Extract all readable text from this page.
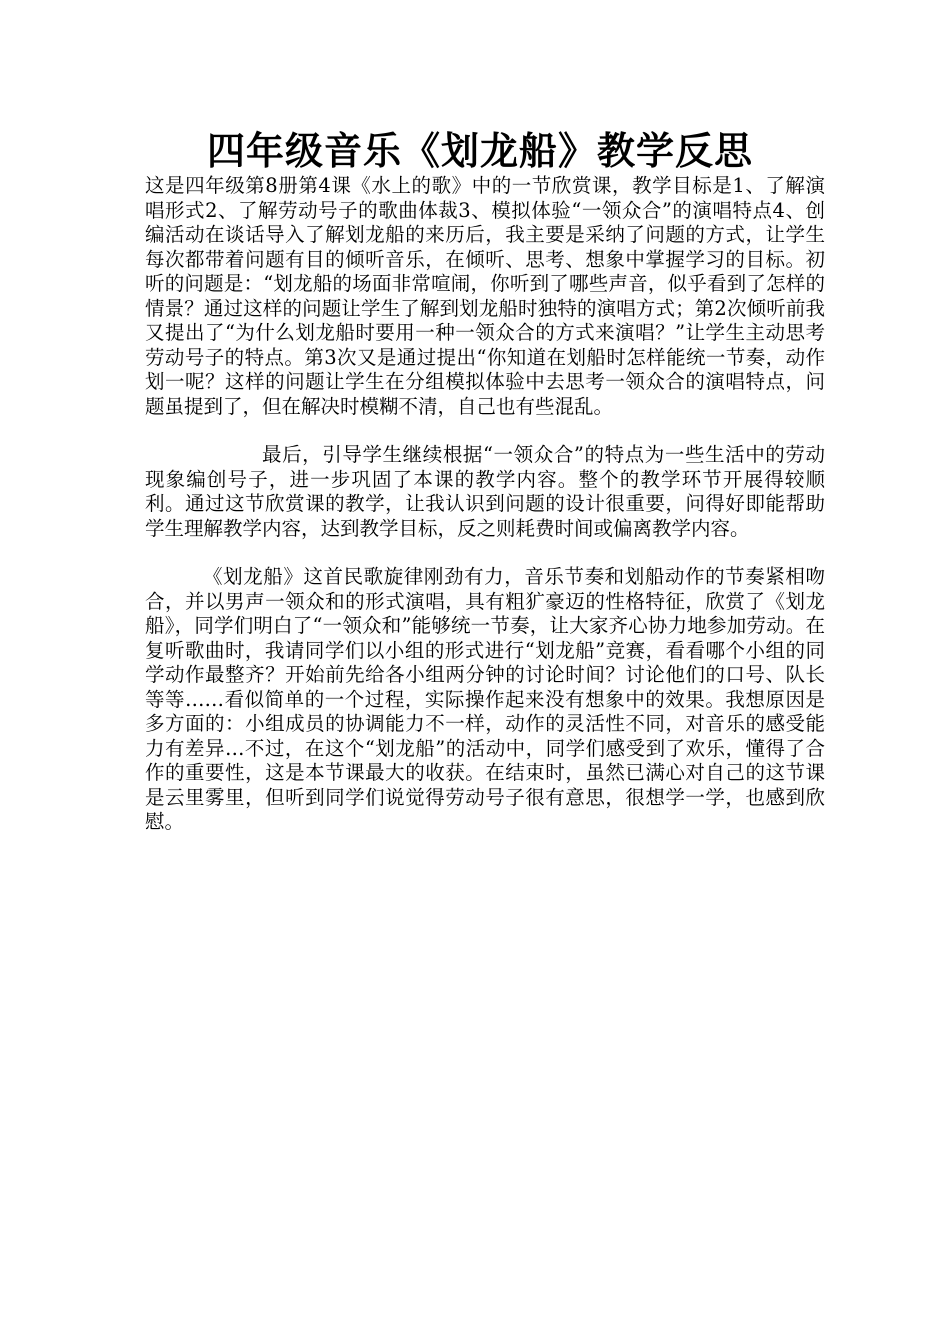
四年级音乐《划龙船》教学反思

这是四年级第8册第4课《水上的歌》中的一节欣赏课，教学目标是1、了解演唱形式2、了解劳动号子的歌曲体裁3、模拟体验“一领众合”的演唱特点4、创编活动在谈话导入了解划龙船的来历后，我主要是采纳了问题的方式，让学生每次都带着问题有目的倾听音乐，在倾听、思考、想象中掌握学习的目标。初听的问题是：“划龙船的场面非常喧闹，你听到了哪些声音，似乎看到了怎样的情景？通过这样的问题让学生了解到划龙船时独特的演唱方式；第2次倾听前我又提出了“为什么划龙船时要用一种一领众合的方式来演唱？”让学生主动思考劳动号子的特点。第3次又是通过提出“你知道在划船时怎样能统一节奏，动作划一呢？这样的问题让学生在分组模拟体验中去思考一领众合的演唱特点，问题虽提到了，但在解决时模糊不清，自己也有些混乱。

最后，引导学生继续根据“一领众合”的特点为一些生活中的劳动现象编创号子，进一步巩固了本课的教学内容。整个的教学环节开展得较顺利。通过这节欣赏课的教学，让我认识到问题的设计很重要，问得好即能帮助学生理解教学内容，达到教学目标，反之则耗费时间或偏离教学内容。

《划龙船》这首民歌旋律刚劲有力，音乐节奏和划船动作的节奏紧相吻合，并以男声一领众和的形式演唱，具有粗犷豪迈的性格特征，欣赏了《划龙船》，同学们明白了“一领众和”能够统一节奏，让大家齐心协力地参加劳动。在复听歌曲时，我请同学们以小组的形式进行“划龙船”竞赛，看看哪个小组的同学动作最整齐？开始前先给各小组两分钟的讨论时间？讨论他们的口号、队长等等……看似简单的一个过程，实际操作起来没有想象中的效果。我想原因是多方面的：小组成员的协调能力不一样，动作的灵活性不同，对音乐的感受能力有差异…不过，在这个“划龙船”的活动中，同学们感受到了欢乐，懂得了合作的重要性，这是本节课最大的收获。在结束时，虽然已满心对自己的这节课是云里雾里，但听到同学们说觉得劳动号子很有意思，很想学一学，也感到欣慰。
